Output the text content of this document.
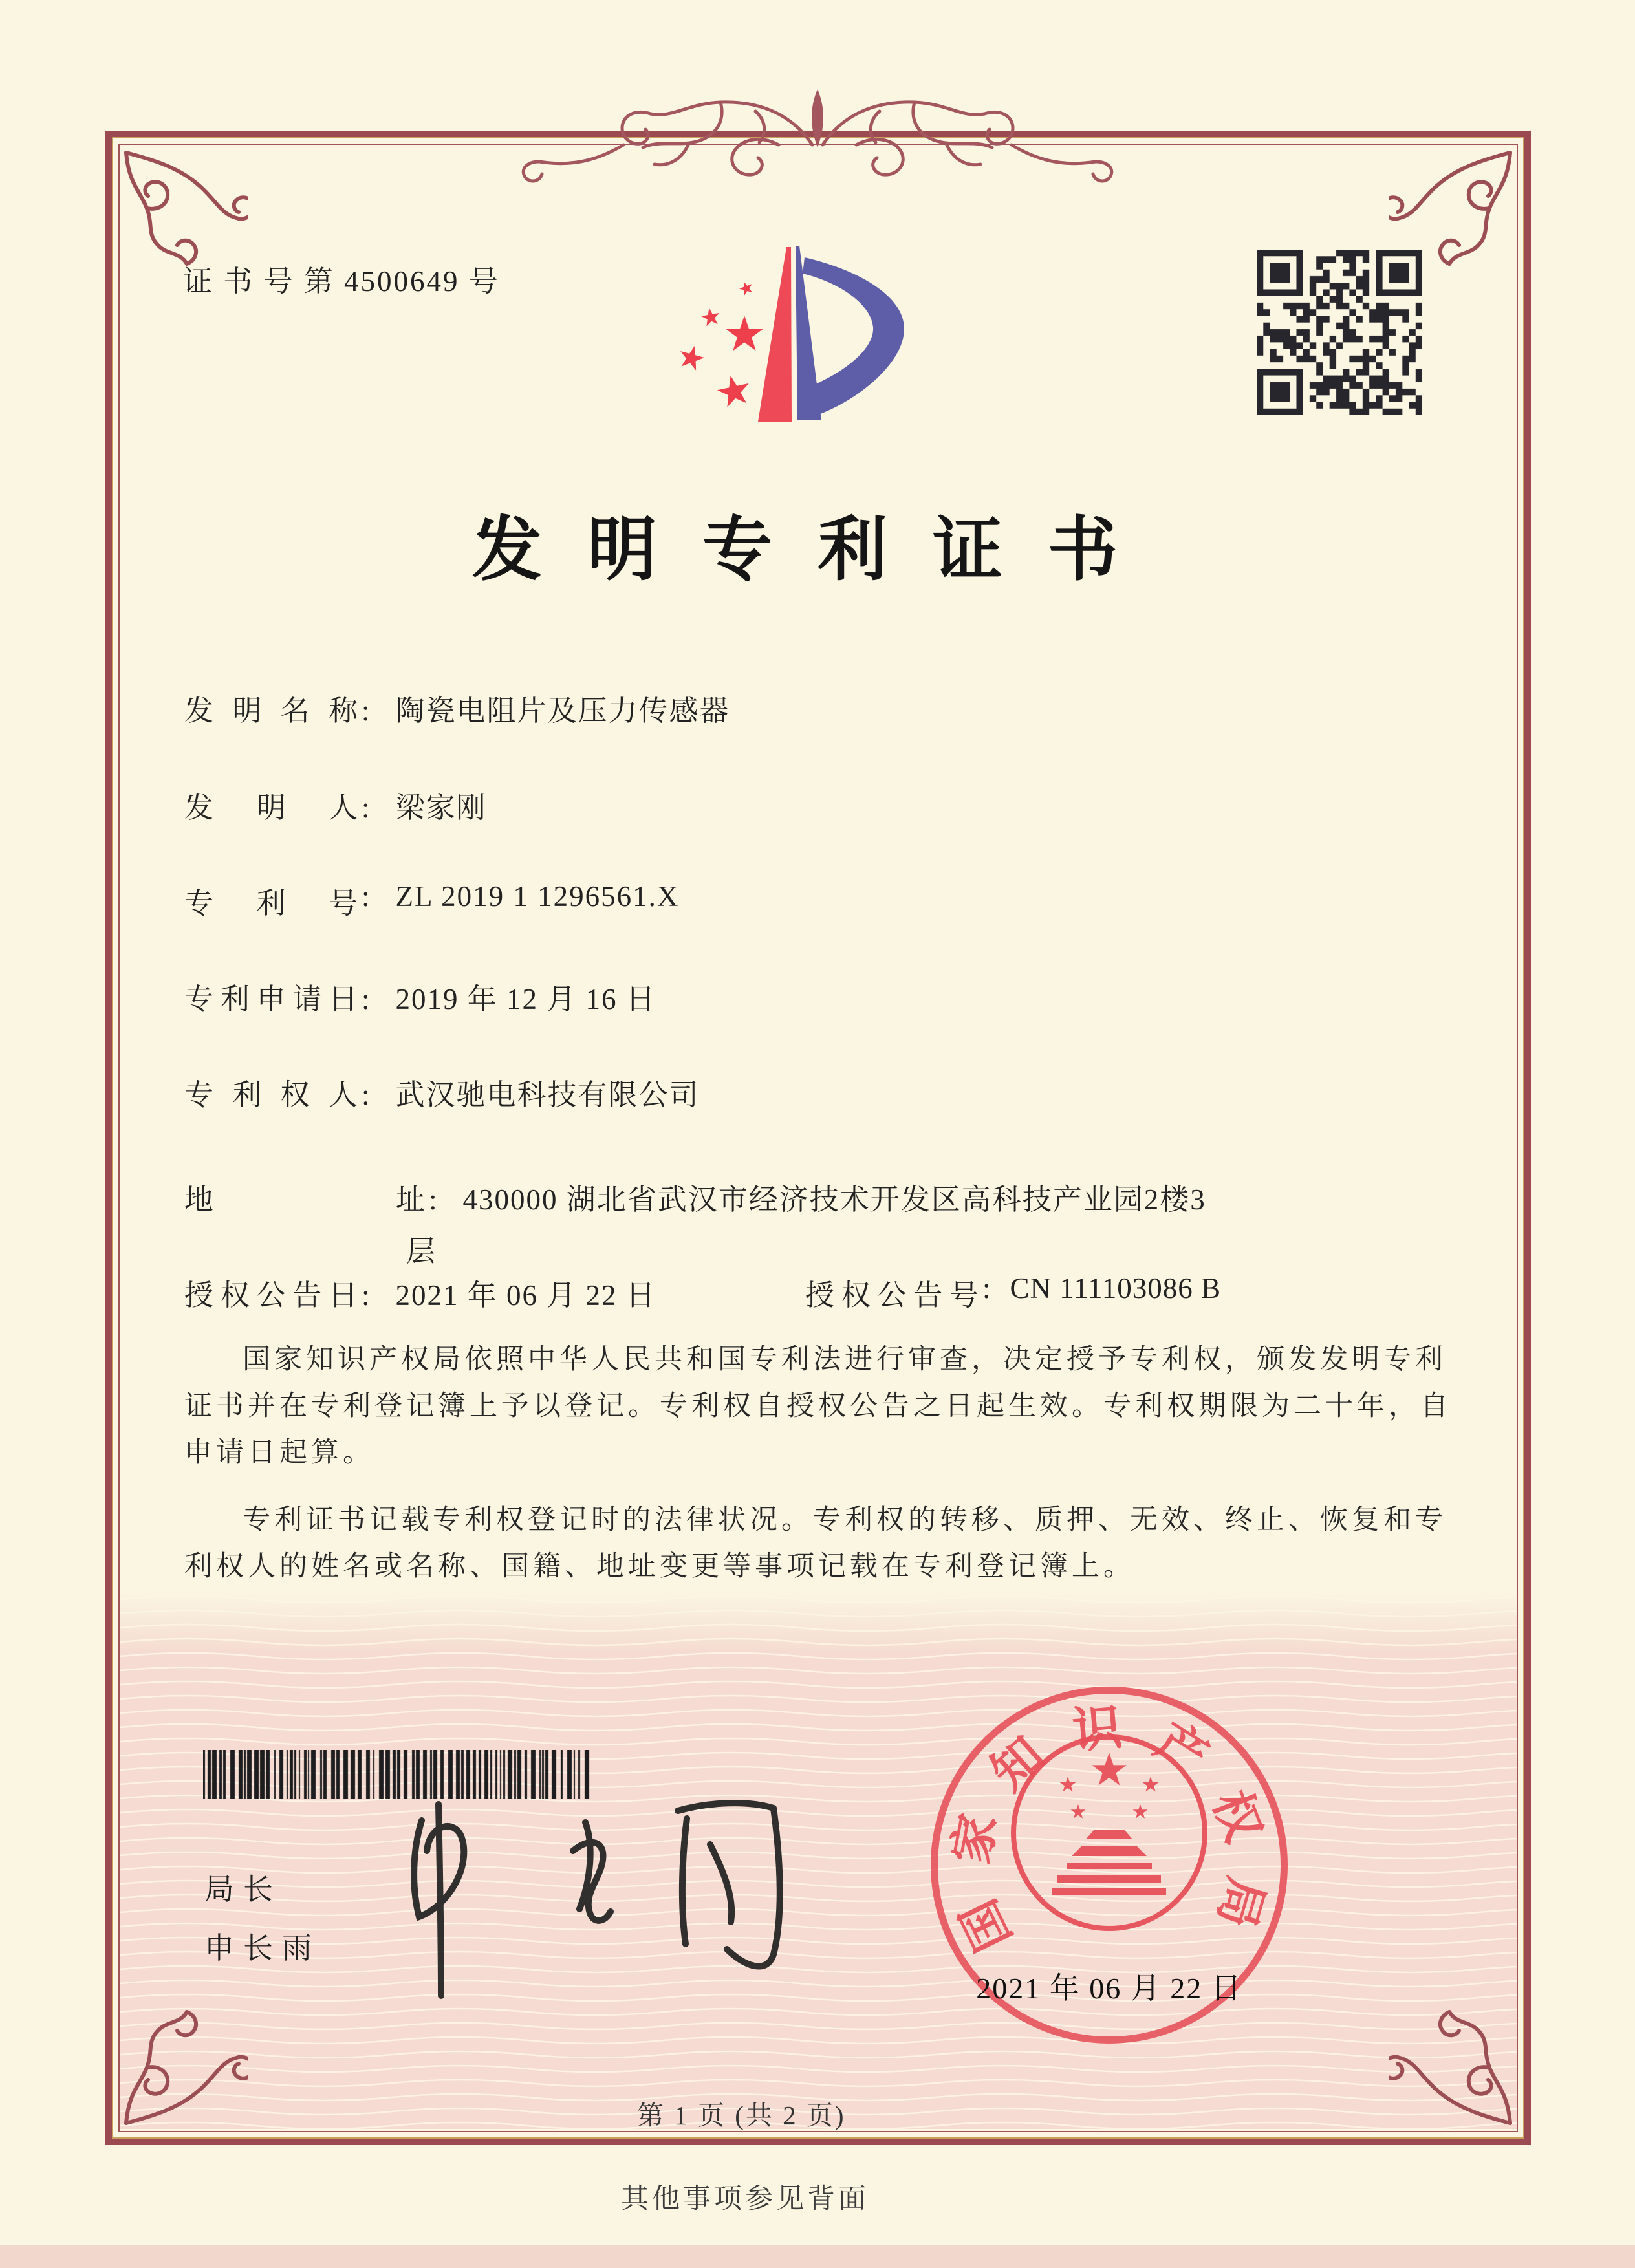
证 书 号 第 4500649 号
发明专利证书
发明名称 : 陶瓷电阻片及压力传感器
发明人 : 梁家刚
专利号 : ZL 2019 1 1296561.X
专利申请日 : 2019 年 12 月 16 日
专利权人 : 武汉驰电科技有限公司
地址 : 430000 湖北省武汉市经济技术开发区高科技产业园2楼3
层
授权公告日 : 2021 年 06 月 22 日	授权公告号 : CN 111103086 B
国家知识产权局依照中华人民共和国专利法进行审查，决定授予专利权，颁发发明专利
证书并在专利登记簿上予以登记。专利权自授权公告之日起生效。专利权期限为二十年，自
申请日起算。
专利证书记载专利权登记时的法律状况。专利权的转移、质押、无效、终止、恢复和专
利权人的姓名或名称、国籍、地址变更等事项记载在专利登记簿上。
局长
申长雨	国
家
知 识 产
权
局
2021 年 06 月 22 日
第 1 页 (共 2 页)
其他事项参见背面
